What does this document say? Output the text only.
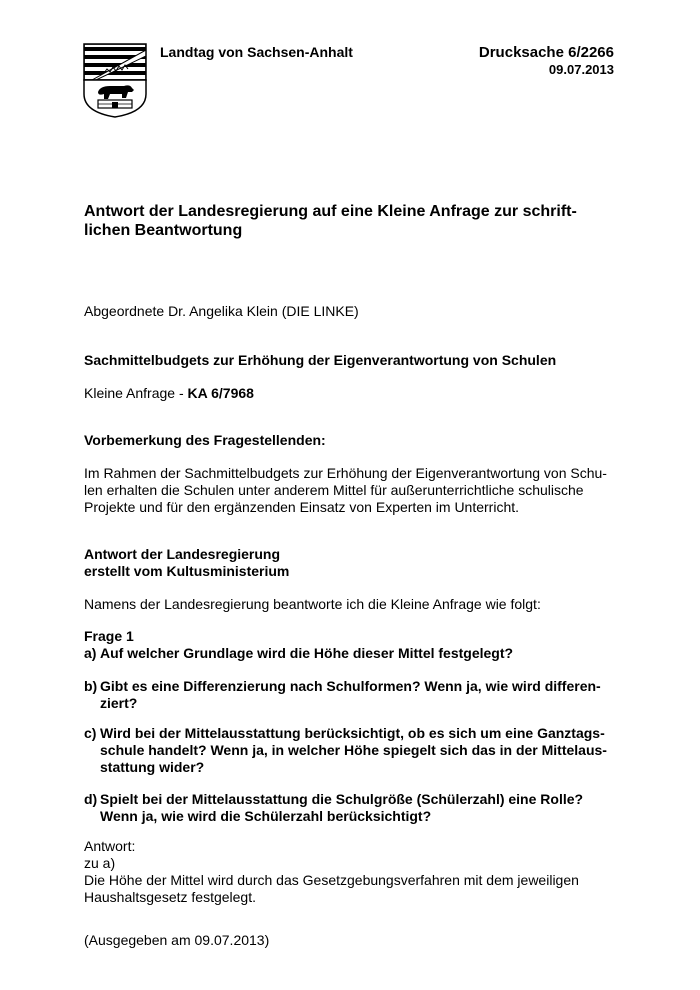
Landtag von Sachsen-Anhalt	Drucksache 6/2266
09.07.2013
Antwort der Landesregierung auf eine Kleine Anfrage zur schrift-
lichen Beantwortung
Abgeordnete Dr. Angelika Klein (DIE LINKE)
Sachmittelbudgets zur Erhöhung der Eigenverantwortung von Schulen
Kleine Anfrage - KA 6/7968
Vorbemerkung des Fragestellenden:
Im Rahmen der Sachmittelbudgets zur Erhöhung der Eigenverantwortung von Schu-
len erhalten die Schulen unter anderem Mittel für außerunterrichtliche schulische
Projekte und für den ergänzenden Einsatz von Experten im Unterricht.
Antwort der Landesregierung
erstellt vom Kultusministerium
Namens der Landesregierung beantworte ich die Kleine Anfrage wie folgt:
Frage 1
a) Auf welcher Grundlage wird die Höhe dieser Mittel festgelegt?
b) Gibt es eine Differenzierung nach Schulformen? Wenn ja, wie wird differen-
ziert?
c) Wird bei der Mittelausstattung berücksichtigt, ob es sich um eine Ganztags-
schule handelt? Wenn ja, in welcher Höhe spiegelt sich das in der Mittelaus-
stattung wider?
d) Spielt bei der Mittelausstattung die Schulgröße (Schülerzahl) eine Rolle?
Wenn ja, wie wird die Schülerzahl berücksichtigt?
Antwort:
zu a)
Die Höhe der Mittel wird durch das Gesetzgebungsverfahren mit dem jeweiligen
Haushaltsgesetz festgelegt.
(Ausgegeben am 09.07.2013)
